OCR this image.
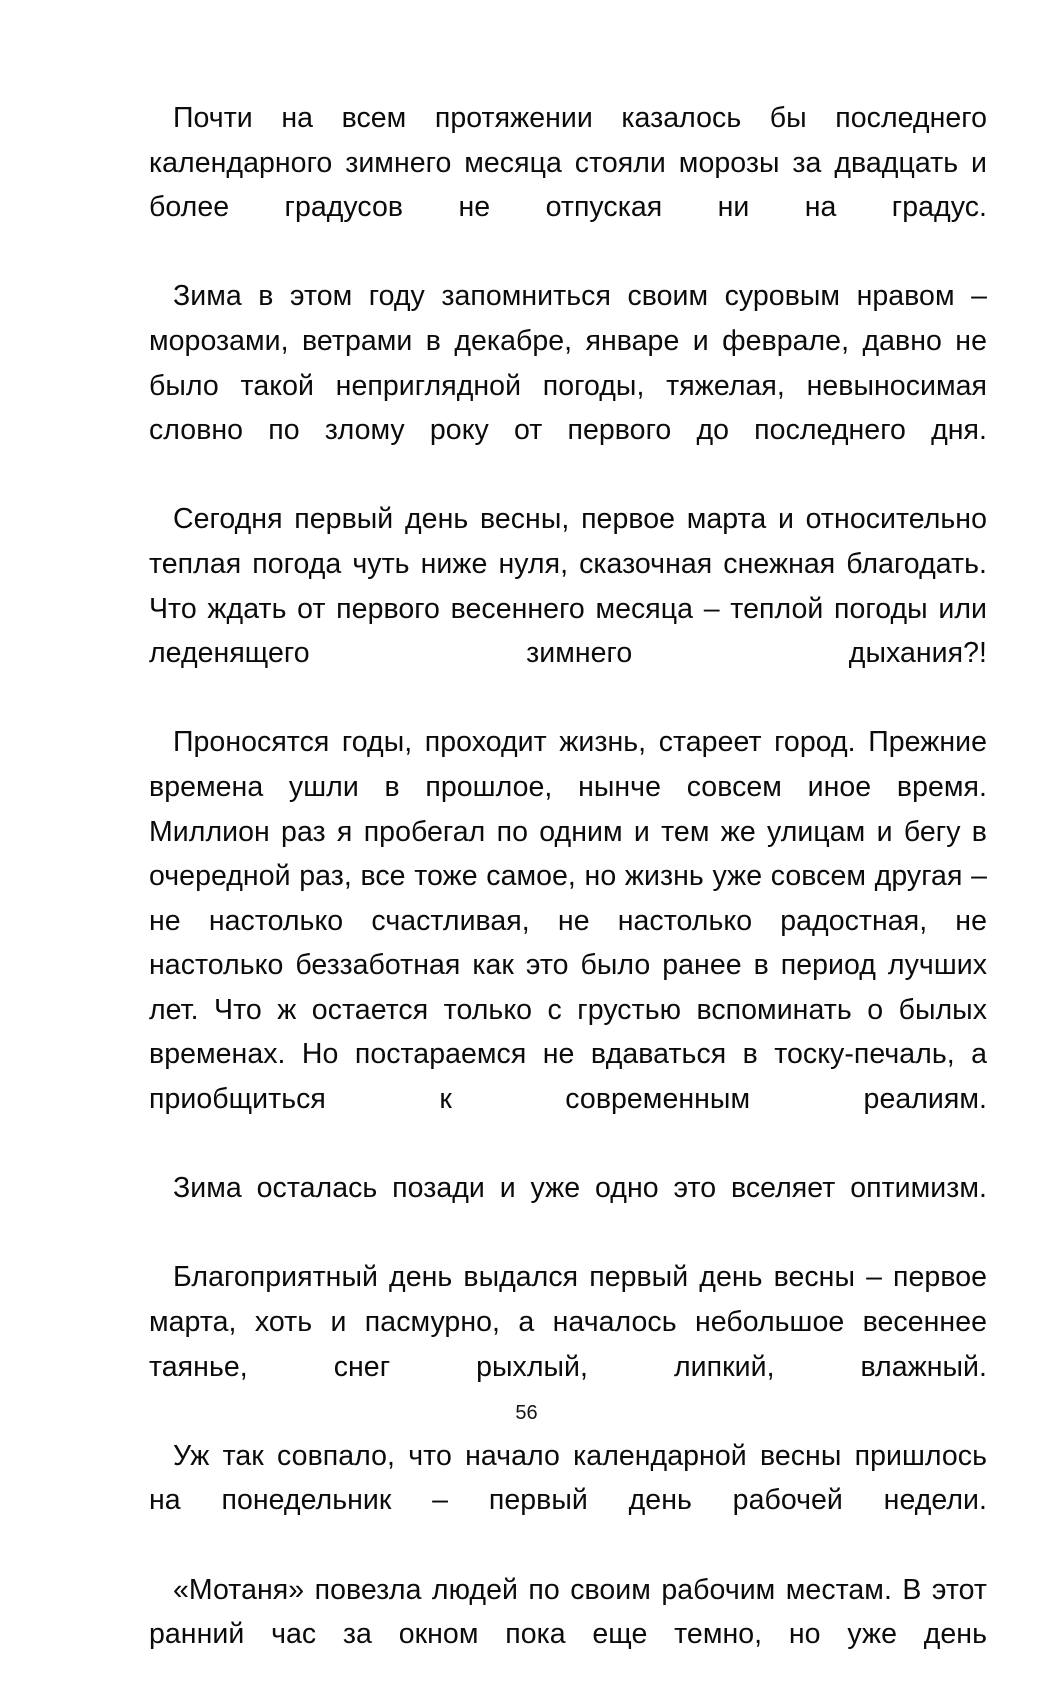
Почти на всем протяжении казалось бы последнего календарного зимнего месяца стояли морозы за двадцать и более градусов не отпуская ни на градус.

Зима в этом году запомниться своим суровым нравом – морозами, ветрами в декабре, январе и феврале, давно не было такой неприглядной погоды, тяжелая, невыносимая словно по злому року от первого до последнего дня.

Сегодня первый день весны, первое марта и относительно теплая погода чуть ниже нуля, сказочная снежная благодать. Что ждать от первого весеннего месяца – теплой погоды или леденящего зимнего дыхания?!

Проносятся годы, проходит жизнь, стареет город. Прежние времена ушли в прошлое, нынче совсем иное время. Миллион раз я пробегал по одним и тем же улицам и бегу в очередной раз, все тоже самое, но жизнь уже совсем другая – не настолько счастливая, не настолько радостная, не настолько беззаботная как это было ранее в период лучших лет. Что ж остается только с грустью вспоминать о былых временах. Но постараемся не вдаваться в тоску-печаль, а приобщиться к современным реалиям.

Зима осталась позади и уже одно это вселяет оптимизм.

Благоприятный день выдался первый день весны – первое марта, хоть и пасмурно, а началось небольшое весеннее таянье, снег рыхлый, липкий, влажный.

Уж так совпало, что начало календарной весны пришлось на понедельник – первый день рабочей недели.

«Мотаня» повезла людей по своим рабочим местам. В этот ранний час за окном пока еще темно, но уже день

56
